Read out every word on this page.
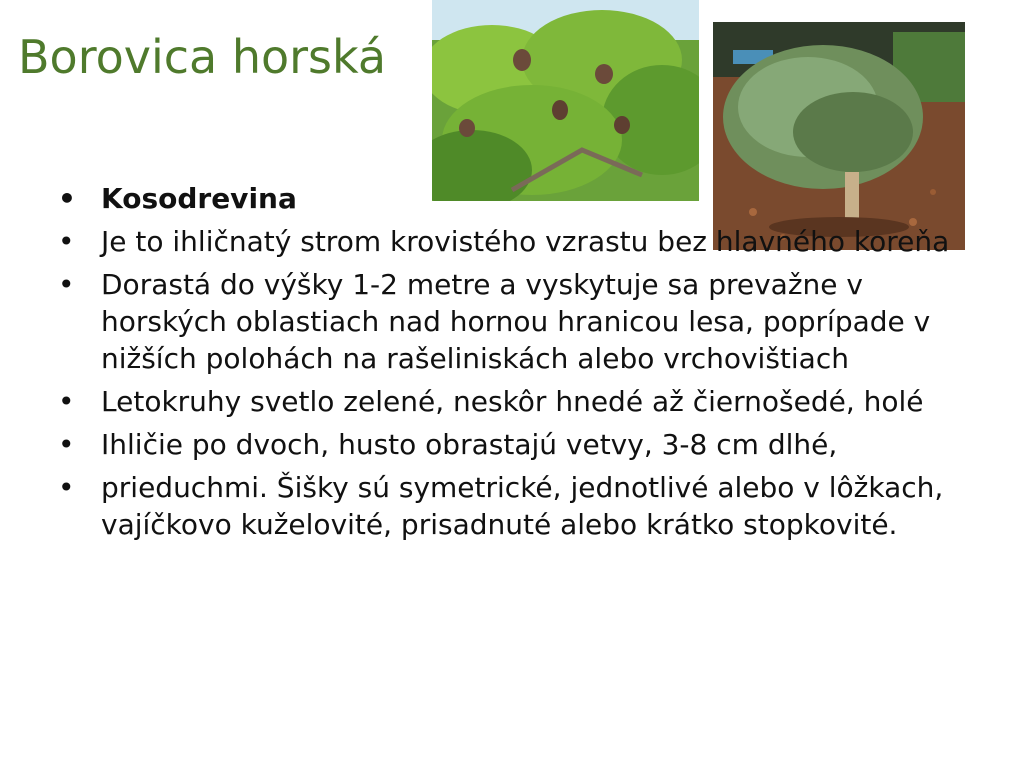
Borovica horská
• Kosodrevina
• Je to ihličnatý strom krovistého vzrastu bez hlavného koreňa
• Dorastá do výšky 1-2 metre a vyskytuje sa prevažne v horských oblastiach nad hornou hranicou lesa, poprípade v nižších polohách na rašeliniskách alebo vrchovištiach
• Letokruhy svetlo zelené, neskôr hnedé až čiernošedé, holé
• Ihličie po dvoch, husto obrastajú vetvy, 3-8 cm dlhé,
• prieduchmi. Šišky sú symetrické, jednotlivé alebo v lôžkach, vajíčkovo kuželovité, prisadnuté alebo krátko stopkovité.
